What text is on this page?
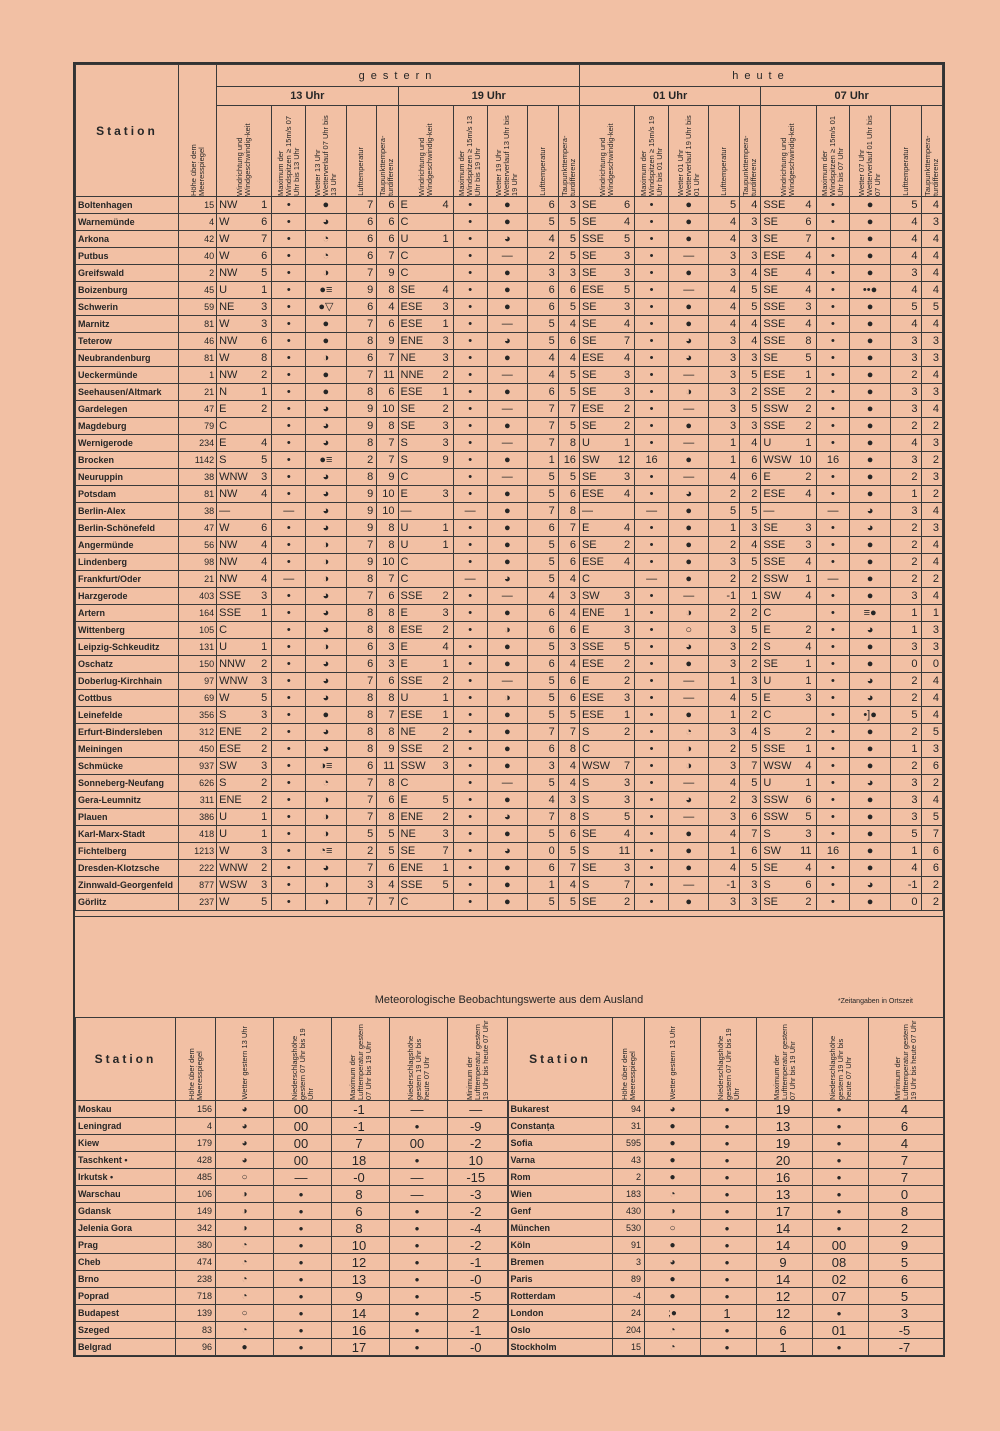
Station	Höhe über dem Meeresspiegel	gestern												heute											
		13 Uhr						19 Uhr						01 Uhr						07 Uhr					

		Windrichtung und Windgeschwindig-keit		Maximum der Windspitzen ≥ 15m/s 07 Uhr bis 13 Uhr	Wetter 13 Uhr Wetterverlauf 07 Uhr bis 13 Uhr	Lufttemperatur	Taupunkttempera-turdifferenz	Windrichtung und Windgeschwindig-keit		Maximum der Windspitzen ≥ 15m/s 13 Uhr bis 19 Uhr	Wetter 19 Uhr Wetterverlauf 13 Uhr bis 19 Uhr	Lufttemperatur	Taupunkttempera-turdifferenz	Windrichtung und Windgeschwindig-keit		Maximum der Windspitzen ≥ 15m/s 19 Uhr bis 01 Uhr	Wetter 01 Uhr Wetterverlauf 19 Uhr bis 01 Uhr	Lufttemperatur	Taupunkttempera-turdifferenz	Windrichtung und Windgeschwindig-keit		Maximum der Windspitzen ≥ 15m/s 01 Uhr bis 07 Uhr	Wetter 07 Uhr Wetterverlauf 01 Uhr bis 07 Uhr	Lufttemperatur	Taupunkttempera-turdifferenz

Boltenhagen	15	NW	1	•	●	7	6	E	4	•	●	6	3	SE	6	•	●	5	4	SSE	4	•	●	5	4
Warnemünde	4	W	6	•	◕	6	6	C		•	●	5	5	SE	4	•	●	4	3	SE	6	•	●	4	3
Arkona	42	W	7	•	◔	6	6	U	1	•	◕	4	5	SSE	5	•	●	4	3	SE	7	•	●	4	4
Putbus	40	W	6	•	◔	6	7	C		•	—	2	5	SE	3	•	—	3	3	ESE	4	•	●	4	4
Greifswald	2	NW	5	•	◑	7	9	C		•	●	3	3	SE	3	•	●	3	4	SE	4	•	●	3	4
Boizenburg	45	U	1	•	●≡	9	8	SE	4	•	●	6	6	ESE	5	•	—	4	5	SE	4	•	••●	4	4
Schwerin	59	NE	3	•	●▽	6	4	ESE	3	•	●	6	5	SE	3	•	●	4	5	SSE	3	•	●	5	5
Marnitz	81	W	3	•	●	7	6	ESE	1	•	—	5	4	SE	4	•	●	4	4	SSE	4	•	●	4	4
Teterow	46	NW	6	•	●	8	9	ENE	3	•	◕	5	6	SE	7	•	◕	3	4	SSE	8	•	●	3	3
Neubrandenburg	81	W	8	•	◑	6	7	NE	3	•	●	4	4	ESE	4	•	◕	3	3	SE	5	•	●	3	3
Ueckermünde	1	NW	2	•	●	7	11	NNE	2	•	—	4	5	SE	3	•	—	3	5	ESE	1	•	●	2	4
Seehausen/Altmark	21	N	1	•	●	8	6	ESE	1	•	●	6	5	SE	3	•	◑	3	2	SSE	2	•	●	3	3
Gardelegen	47	E	2	•	◕	9	10	SE	2	•	—	7	7	ESE	2	•	—	3	5	SSW	2	•	●	3	4
Magdeburg	79	C		•	◕	9	8	SE	3	•	●	7	5	SE	2	•	●	3	3	SSE	2	•	●	2	2
Wernigerode	234	E	4	•	◕	8	7	S	3	•	—	7	8	U	1	•	—	1	4	U	1	•	●	4	3
Brocken	1142	S	5	•	●≡	2	7	S	9	•	●	1	16	SW	12	16	●	1	6	WSW	10	16	●	3	2
Neuruppin	38	WNW	3	•	◕	8	9	C		•	—	5	5	SE	3	•	—	4	6	E	2	•	●	2	3
Potsdam	81	NW	4	•	◕	9	10	E	3	•	●	5	6	ESE	4	•	◕	2	2	ESE	4	•	●	1	2
Berlin-Alex	38	—		—	◕	9	10	—		—	●	7	8	—		—	●	5	5	—		—	◕	3	4
Berlin-Schönefeld	47	W	6	•	◕	9	8	U	1	•	●	6	7	E	4	•	●	1	3	SE	3	•	◕	2	3
Angermünde	56	NW	4	•	◑	7	8	U	1	•	●	5	6	SE	2	•	●	2	4	SSE	3	•	●	2	4
Lindenberg	98	NW	4	•	◑	9	10	C		•	●	5	6	ESE	4	•	●	3	5	SSE	4	•	●	2	4
Frankfurt/Oder	21	NW	4	—	◑	8	7	C		—	◕	5	4	C		—	●	2	2	SSW	1	—	●	2	2
Harzgerode	403	SSE	3	•	◕	7	6	SSE	2	•	—	4	3	SW	3	•	—	-1	1	SW	4	•	●	3	4
Artern	164	SSE	1	•	◕	8	8	E	3	•	●	6	4	ENE	1	•	◑	2	2	C		•	≡●	1	1
Wittenberg	105	C		•	◕	8	8	ESE	2	•	◑	6	6	E	3	•	○	3	5	E	2	•	◕	1	3
Leipzig-Schkeuditz	131	U	1	•	◑	6	3	E	4	•	●	5	3	SSE	5	•	◕	3	2	S	4	•	●	3	3
Oschatz	150	NNW	2	•	◕	6	3	E	1	•	●	6	4	ESE	2	•	●	3	2	SE	1	•	●	0	0
Doberlug-Kirchhain	97	WNW	3	•	◕	7	6	SSE	2	•	—	5	6	E	2	•	—	1	3	U	1	•	◕	2	4
Cottbus	69	W	5	•	◕	8	8	U	1	•	◑	5	6	ESE	3	•	—	4	5	E	3	•	◕	2	4
Leinefelde	356	S	3	•	●	8	7	ESE	1	•	●	5	5	ESE	1	•	●	1	2	C		•	•]●	5	4
Erfurt-Bindersleben	312	ENE	2	•	◕	8	8	NE	2	•	●	7	7	S	2	•	◔	3	4	S	2	•	●	2	5
Meiningen	450	ESE	2	•	◕	8	9	SSE	2	•	●	6	8	C		•	◑	2	5	SSE	1	•	●	1	3
Schmücke	937	SW	3	•	◑≡	6	11	SSW	3	•	●	3	4	WSW	7	•	◑	3	7	WSW	4	•	●	2	6
Sonneberg-Neufang	626	S	2	•	◔	7	8	C		•	—	5	4	S	3	•	—	4	5	U	1	•	◕	3	2
Gera-Leumnitz	311	ENE	2	•	◑	7	6	E	5	•	●	4	3	S	3	•	◕	2	3	SSW	6	•	●	3	4
Plauen	386	U	1	•	◑	7	8	ENE	2	•	◕	7	8	S	5	•	—	3	6	SSW	5	•	●	3	5
Karl-Marx-Stadt	418	U	1	•	◑	5	5	NE	3	•	●	5	6	SE	4	•	●	4	7	S	3	•	●	5	7
Fichtelberg	1213	W	3	•	◔≡	2	5	SE	7	•	◕	0	5	S	11	•	●	1	6	SW	11	16	●	1	6
Dresden-Klotzsche	222	WNW	2	•	◕	7	6	ENE	1	•	●	6	7	SE	3	•	●	4	5	SE	4	•	●	4	6
Zinnwald-Georgenfeld	877	WSW	3	•	◑	3	4	SSE	5	•	●	1	4	S	7	•	—	-1	3	S	6	•	◕	-1	2
Görlitz	237	W	5	•	◑	7	7	C		•	●	5	5	SE	2	•	●	3	3	SE	2	•	●	0	2
Meteorologische Beobachtungswerte aus dem Ausland	*Zeitangaben in Ortszeit
Station	Höhe über dem Meeresspiegel	Wetter gestern 13 Uhr	Niederschlagshöhe gestern 07 Uhr bis 19 Uhr	Maximum der Lufttemperatur gestern 07 Uhr bis 19 Uhr	Niederschlagshöhe gestern 19 Uhr bis heute 07 Uhr	Minimum der Lufttemperatur gestern 19 Uhr bis heute 07 Uhr	Station	Höhe über dem Meeresspiegel	Wetter gestern 13 Uhr	Niederschlagshöhe gestern 07 Uhr bis 19 Uhr	Maximum der Lufttemperatur gestern 07 Uhr bis 19 Uhr	Niederschlagshöhe gestern 19 Uhr bis heute 07 Uhr	Minimum der Lufttemperatur gestern 19 Uhr bis heute 07 Uhr

Moskau	156	◕	00	-1	—	—	Bukarest	94	◕	•	19	•	4
Leningrad	4	◕	00	-1	•	-9	Constanța	31	●	•	13	•	6
Kiew	179	◕	00	7	00	-2	Sofia	595	●	•	19	•	4
Taschkent •	428	◕	00	18	•	10	Varna	43	●	•	20	•	7
Irkutsk •	485	○	—	-0	—	-15	Rom	2	●	•	16	•	7
Warschau	106	◑	•	8	—	-3	Wien	183	◔	•	13	•	0
Gdansk	149	◑	•	6	•	-2	Genf	430	◑	•	17	•	8
Jelenia Gora	342	◑	•	8	•	-4	München	530	○	•	14	•	2
Prag	380	◔	•	10	•	-2	Köln	91	●	•	14	00	9
Cheb	474	◔	•	12	•	-1	Bremen	3	◕	•	9	08	5
Brno	238	◔	•	13	•	-0	Paris	89	●	•	14	02	6
Poprad	718	◔	•	9	•	-5	Rotterdam	-4	●	•	12	07	5
Budapest	139	○	•	14	•	2	London	24	;●	1	12	•	3
Szeged	83	◔	•	16	•	-1	Oslo	204	◔	•	6	01	-5
Belgrad	96	●	•	17	•	-0	Stockholm	15	◔	•	1	•	-7
